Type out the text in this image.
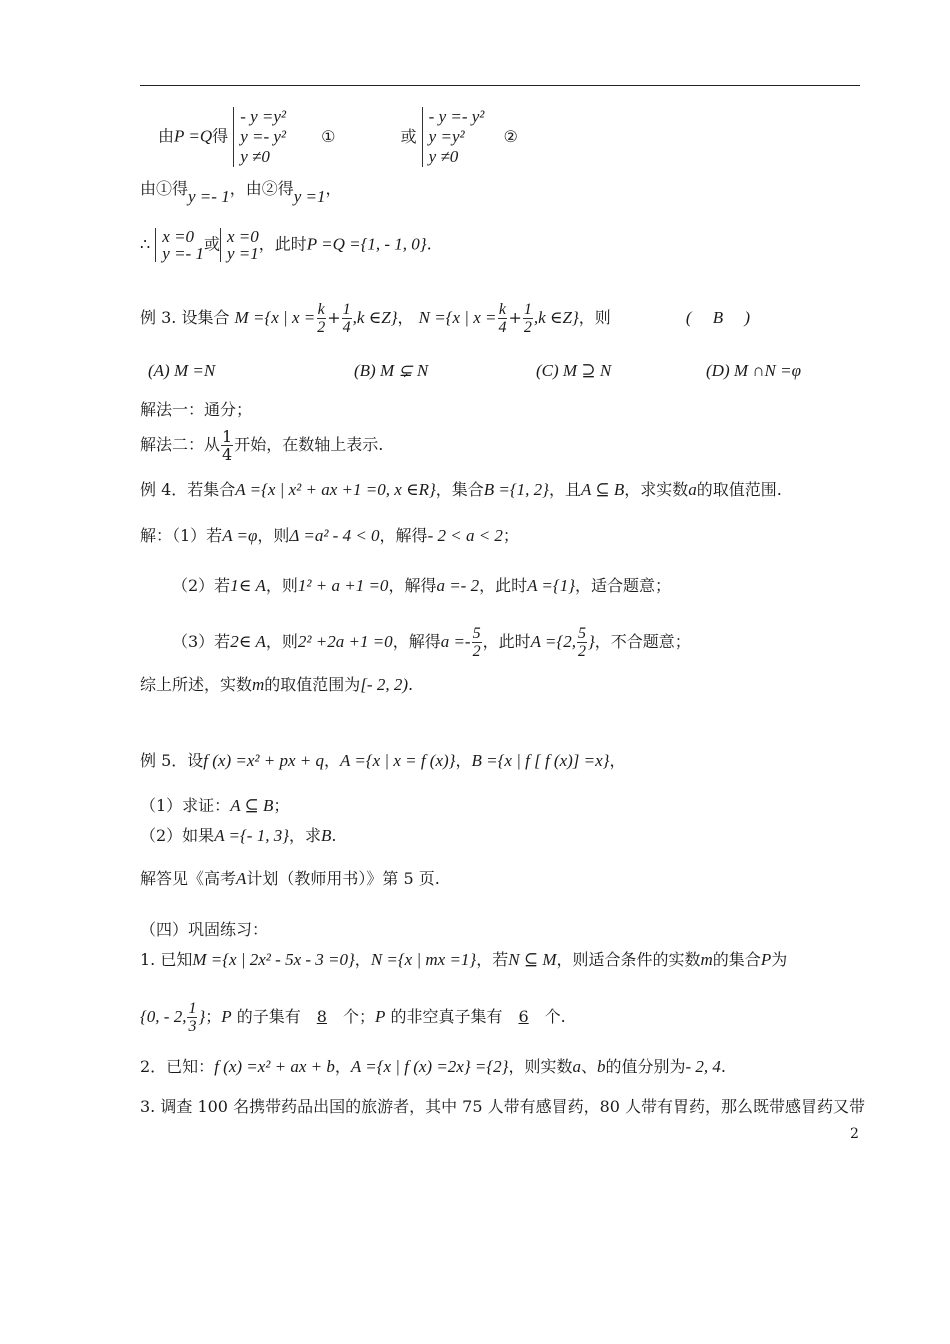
由P =Q得
- y =y²
y =- y²
y ≠0
①	或
- y =- y²
y =y²
y ≠0
②
由①得y =- 1，由②得y =1，
∴ x =0
y =- 1 或 x =0
y =1 ，此时P =Q ={1, - 1, 0}.
例 3. 设集合 M ={x | $x = \frac{k}{2} + \frac{1}{4} ,k$ ∈Z}， N ={x | $x = \frac{k}{4} + \frac{1}{2} ,k$ ∈Z}，则	(　 B　 )
(A) M =N	(B) M ⊊ N	(C) M ⊇ N	(D) M ∩N =φ
解法一：通分；
解法二：从 $\frac{1}{4}$ 开始，在数轴上表示.
例 4．若集合A ={x | x² + ax +1 =0, x ∈R}，集合B ={1, 2}，且A ⊆ B，求实数a的取值范围.
解：（1）若A =φ，则Δ =a² - 4 < 0，解得- 2 < a < 2；
（2）若1∈ A，则1² + a +1 =0，解得a =- 2，此时A ={1}，适合题意；
（3）若2∈ A，则2² +2a +1 =0，解得$a =- \frac{5}{2}$ ，此时A ={2, $\frac{5}{2}$ }，不合题意；
综上所述，实数m的取值范围为[- 2, 2).
例 5．设f (x) =x² + px + q，A ={x | x = f (x)}，B ={x | f [ f (x)] =x}，
（1）求证：A ⊆ B；
（2）如果A ={- 1, 3}，求B.
解答见《高考A计划（教师用书）》第 5 页.
（四）巩固练习：
1. 已知M ={x | 2x² - 5x - 3 =0}，N ={x | mx =1}，若N ⊆ M，则适合条件的实数m的集合P为
{0, - 2, $\frac{1}{3}$ }；P 的子集有 8 个；P 的非空真子集有 6 个.
2．已知：f (x) =x² + ax + b，A ={x | f (x) =2x} ={2}，则实数a、b的值分别为- 2, 4.
3. 调查 100 名携带药品出国的旅游者，其中 75 人带有感冒药，80 人带有胃药，那么既带感冒药又带
2
